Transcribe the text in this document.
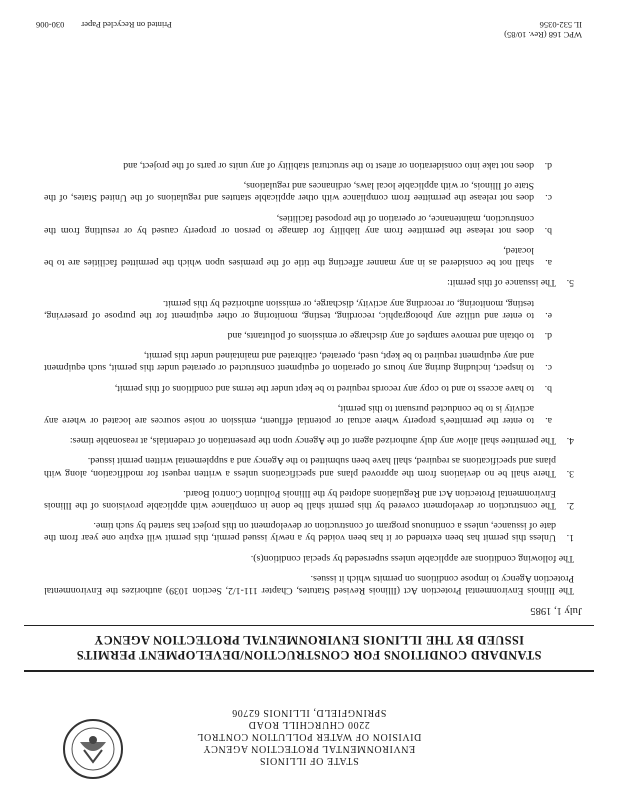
STATE OF ILLINOIS
ENVIRONMENTAL PROTECTION AGENCY
DIVISION OF WATER POLLUTION CONTROL
2200 CHURCHILL ROAD
SPRINGFIELD, ILLINOIS 62706
STANDARD CONDITIONS FOR CONSTRUCTION/DEVELOPMENT PERMITS
ISSUED BY THE ILLINOIS ENVIRONMENTAL PROTECTION AGENCY
July 1, 1985

The Illinois Environmental Protection Act (Illinois Revised Statutes, Chapter 111-1/2, Section 1039) authorizes the Environmental Protection Agency to impose conditions on permits which it issues.

The following conditions are applicable unless superseded by special condition(s).

1.
Unless this permit has been extended or it has been voided by a newly issued permit, this permit will expire one year from the date of issuance, unless a continuous program of construction or development on this project has started by such time.
2.
The construction or development covered by this permit shall be done in compliance with applicable provisions of the Illinois Environmental Protection Act and Regulations adopted by the Illinois Pollution Control Board.
3.
There shall be no deviations from the approved plans and specifications unless a written request for modification, along with plans and specifications as required, shall have been submitted to the Agency and a supplemental written permit issued.
4.
The permittee shall allow any duly authorized agent of the Agency upon the presentation of credentials, at reasonable times:
a.
to enter the permittee's property where actual or potential effluent, emission or noise sources are located or where any activity is to be conducted pursuant to this permit,
b.
to have access to and to copy any records required to be kept under the terms and conditions of this permit,
c.
to inspect, including during any hours of operation of equipment constructed or operated under this permit, such equipment and any equipment required to be kept, used, operated, calibrated and maintained under this permit,
d.
to obtain and remove samples of any discharge or emissions of pollutants, and
e.
to enter and utilize any photographic, recording, testing, monitoring or other equipment for the purpose of preserving, testing, monitoring, or recording any activity, discharge, or emission authorized by this permit.
5.
The issuance of this permit:
a.
shall not be considered as in any manner affecting the title of the premises upon which the permitted facilities are to be located,
b.
does not release the permittee from any liability for damage to person or property caused by or resulting from the construction, maintenance, or operation of the proposed facilities,
c.
does not release the permittee from compliance with other applicable statutes and regulations of the United States, of the State of Illinois, or with applicable local laws, ordinances and regulations,
d.
does not take into consideration or attest to the structural stability of any units or parts of the project, and
WPC 168 (Rev. 10/85)
IL 532-0356
Printed on Recycled Paper        030-006
